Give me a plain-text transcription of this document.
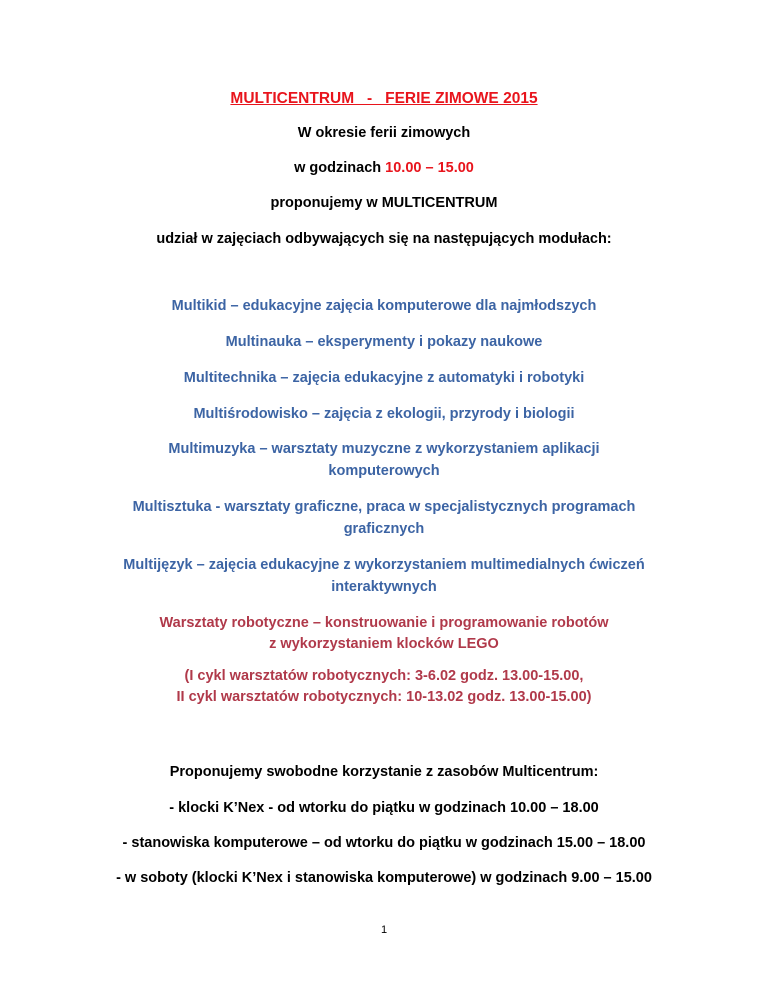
MULTICENTRUM   -   FERIE ZIMOWE 2015
W okresie ferii zimowych
w godzinach 10.00 – 15.00
proponujemy w MULTICENTRUM
udział w zajęciach odbywających się na następujących modułach:
Multikid – edukacyjne zajęcia komputerowe dla najmłodszych
Multinauka – eksperymenty i pokazy naukowe
Multitechnika – zajęcia edukacyjne z automatyki i robotyki
Multiśrodowisko – zajęcia z ekologii, przyrody i biologii
Multimuzyka – warsztaty muzyczne z wykorzystaniem aplikacji
komputerowych
Multisztuka - warsztaty graficzne, praca w specjalistycznych programach
graficznych
Multijęzyk – zajęcia edukacyjne z wykorzystaniem multimedialnych ćwiczeń
interaktywnych
Warsztaty robotyczne – konstruowanie i programowanie robotów
z wykorzystaniem klocków LEGO
(I cykl warsztatów robotycznych: 3-6.02 godz. 13.00-15.00,
II cykl warsztatów robotycznych: 10-13.02 godz. 13.00-15.00)
Proponujemy swobodne korzystanie z zasobów Multicentrum:
- klocki K’Nex - od wtorku do piątku w godzinach 10.00 – 18.00
- stanowiska komputerowe – od wtorku do piątku w godzinach 15.00 – 18.00
- w soboty (klocki K’Nex i stanowiska komputerowe) w godzinach 9.00 – 15.00
1
